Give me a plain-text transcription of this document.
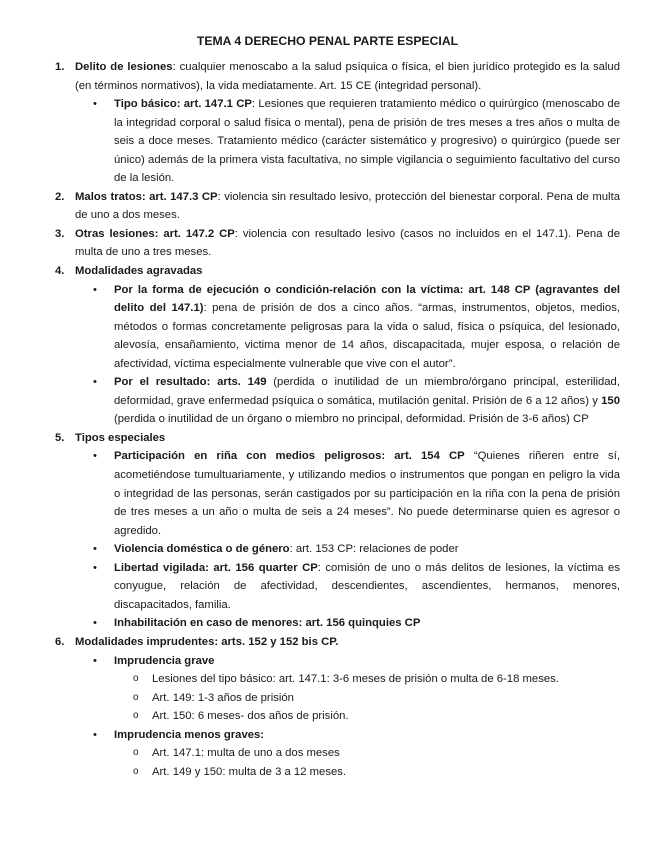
TEMA 4 DERECHO PENAL PARTE ESPECIAL
1. Delito de lesiones: cualquier menoscabo a la salud psíquica o física, el bien jurídico protegido es la salud (en términos normativos), la vida mediatamente. Art. 15 CE (integridad personal).
• Tipo básico: art. 147.1 CP: Lesiones que requieren tratamiento médico o quirúrgico (menoscabo de la integridad corporal o salud física o mental), pena de prisión de tres meses a tres años o multa de seis a doce meses. Tratamiento médico (carácter sistemático y progresivo) o quirúrgico (puede ser único) además de la primera vista facultativa, no simple vigilancia o seguimiento facultativo del curso de la lesión.
2. Malos tratos: art. 147.3 CP: violencia sin resultado lesivo, protección del bienestar corporal. Pena de multa de uno a dos meses.
3. Otras lesiones: art. 147.2 CP: violencia con resultado lesivo (casos no incluidos en el 147.1). Pena de multa de uno a tres meses.
4. Modalidades agravadas
• Por la forma de ejecución o condición-relación con la víctima: art. 148 CP (agravantes del delito del 147.1): pena de prisión de dos a cinco años. “armas, instrumentos, objetos, medios, métodos o formas concretamente peligrosas para la vida o salud, física o psíquica, del lesionado, alevosía, ensañamiento, victima menor de 14 años, discapacitada, mujer esposa, o relación de afectividad, víctima especialmente vulnerable que vive con el autor”.
• Por el resultado: arts. 149 (perdida o inutilidad de un miembro/órgano principal, esterilidad, deformidad, grave enfermedad psíquica o somática, mutilación genital. Prisión de 6 a 12 años) y 150 (perdida o inutilidad de un órgano o miembro no principal, deformidad. Prisión de 3-6 años) CP
5. Tipos especiales
• Participación en riña con medios peligrosos: art. 154 CP “Quienes riñeren entre sí, acometiéndose tumultuariamente, y utilizando medios o instrumentos que pongan en peligro la vida o integridad de las personas, serán castigados por su participación en la riña con la pena de prisión de tres meses a un año o multa de seis a 24 meses”. No puede determinarse quien es agresor o agredido.
• Violencia doméstica o de género: art. 153 CP: relaciones de poder
• Libertad vigilada: art. 156 quarter CP: comisión de uno o más delitos de lesiones, la víctima es conyugue, relación de afectividad, descendientes, ascendientes, hermanos, menores, discapacitados, familia.
• Inhabilitación en caso de menores: art. 156 quinquies CP
6. Modalidades imprudentes: arts. 152 y 152 bis CP.
• Imprudencia grave
o Lesiones del tipo básico: art. 147.1: 3-6 meses de prisión o multa de 6-18 meses.
o Art. 149: 1-3 años de prisión
o Art. 150: 6 meses- dos años de prisión.
• Imprudencia menos graves:
o Art. 147.1: multa de uno a dos meses
o Art. 149 y 150: multa de 3 a 12 meses.
